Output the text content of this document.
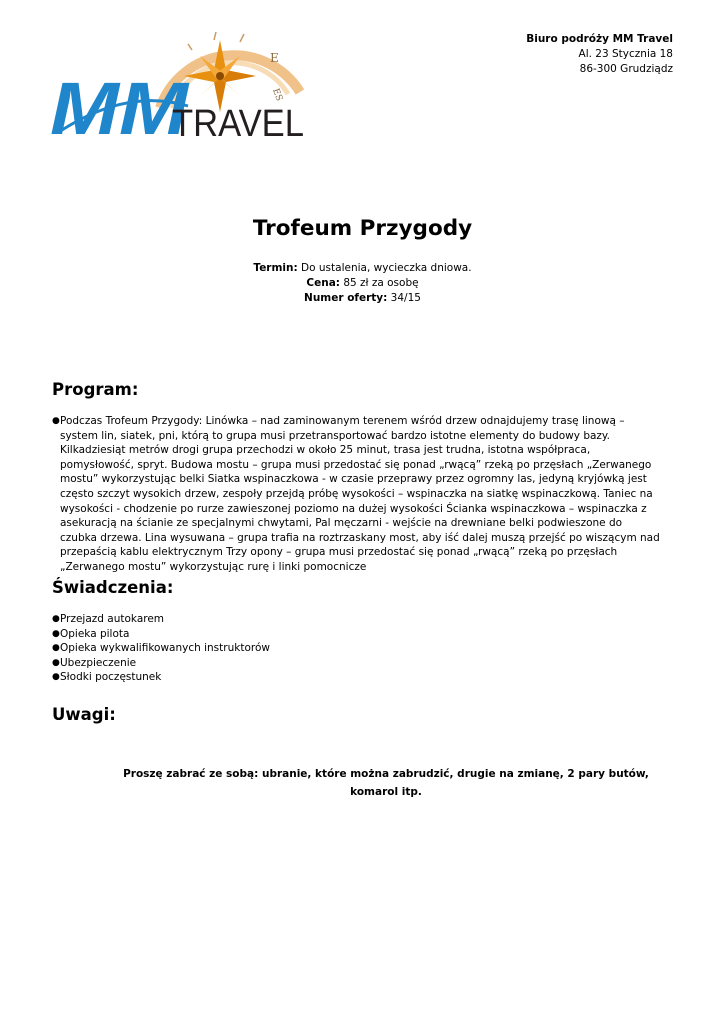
E
ES
MM
TRAVEL
Biuro podróży MM Travel
Al. 23 Stycznia 18
86-300 Grudziądz
Trofeum Przygody
Termin: Do ustalenia, wycieczka dniowa.
Cena: 85 zł za osobę
Numer oferty: 34/15
Program:
● Podczas Trofeum Przygody: Linówka – nad zaminowanym terenem wśród drzew odnajdujemy trasę linową – system lin, siatek, pni, którą to grupa musi przetransportować bardzo istotne elementy do budowy bazy. Kilkadziesiąt metrów drogi grupa przechodzi w około 25 minut, trasa jest trudna, istotna współpraca, pomysłowość, spryt. Budowa mostu – grupa musi przedostać się ponad „rwącą” rzeką po przęsłach „Zerwanego mostu” wykorzystując belki Siatka wspinaczkowa - w czasie przeprawy przez ogromny las, jedyną kryjówką jest często szczyt wysokich drzew, zespoły przejdą próbę wysokości – wspinaczka na siatkę wspinaczkową. Taniec na wysokości - chodzenie po rurze zawieszonej poziomo na dużej wysokości Ścianka wspinaczkowa – wspinaczka z asekuracją na ścianie ze specjalnymi chwytami, Pal męczarni - wejście na drewniane belki podwieszone do czubka drzewa. Lina wysuwana – grupa trafia na roztrzaskany most, aby iść dalej muszą przejść po wiszącym nad przepaścią kablu elektrycznym Trzy opony – grupa musi przedostać się ponad „rwącą” rzeką po przęsłach „Zerwanego mostu” wykorzystując rurę i linki pomocnicze
Świadczenia:
● Przejazd autokarem
● Opieka pilota
● Opieka wykwalifikowanych instruktorów
● Ubezpieczenie
● Słodki poczęstunek
Uwagi:

Proszę zabrać ze sobą: ubranie, które można zabrudzić, drugie na zmianę, 2 pary butów, komarol itp.
